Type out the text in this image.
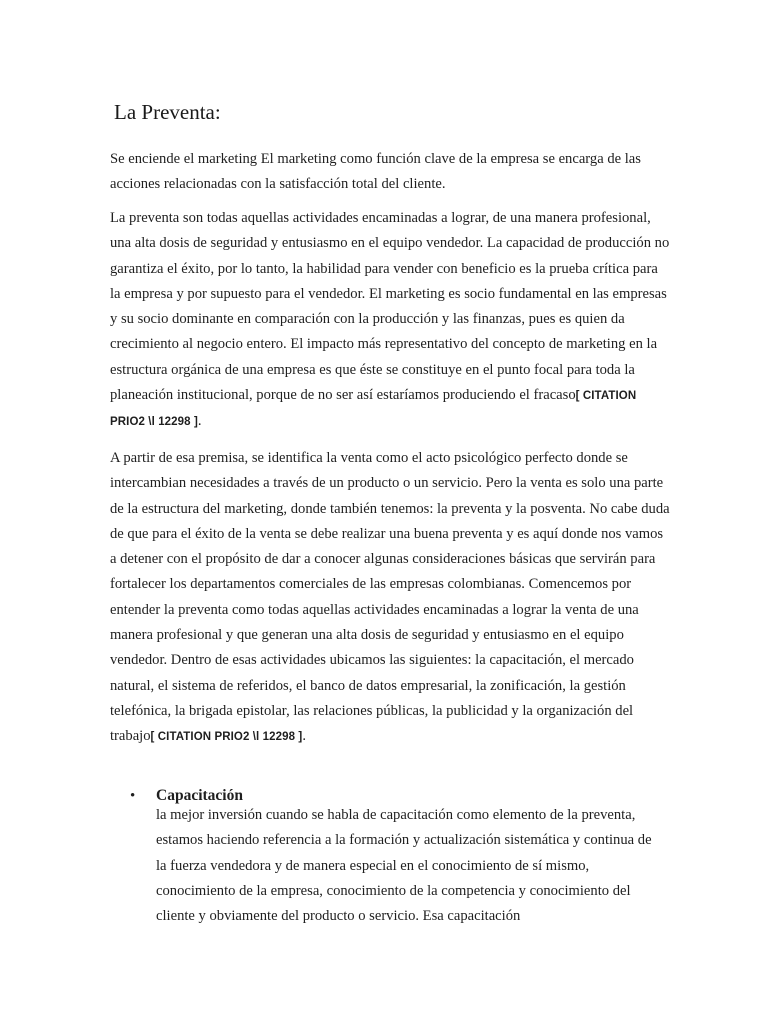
La Preventa:

Se enciende el marketing El marketing como función clave de la empresa se encarga de las acciones relacionadas con la satisfacción total del cliente.

La preventa son todas aquellas actividades encaminadas a lograr, de una manera profesional, una alta dosis de seguridad y entusiasmo en el equipo vendedor. La capacidad de producción no garantiza el éxito, por lo tanto, la habilidad para vender con beneficio es la prueba crítica para la empresa y por supuesto para el vendedor. El marketing es socio fundamental en las empresas y su socio dominante en comparación con la producción y las finanzas, pues es quien da crecimiento al negocio entero. El impacto más representativo del concepto de marketing en la estructura orgánica de una empresa es que éste se constituye en el punto focal para toda la planeación institucional, porque de no ser así estaríamos produciendo el fracaso[ CITATION PRIO2 \l 12298 ].

A partir de esa premisa, se identifica la venta como el acto psicológico perfecto donde se intercambian necesidades a través de un producto o un servicio. Pero la venta es solo una parte de la estructura del marketing, donde también tenemos: la preventa y la posventa. No cabe duda de que para el éxito de la venta se debe realizar una buena preventa y es aquí donde nos vamos a detener con el propósito de dar a conocer algunas consideraciones básicas que servirán para fortalecer los departamentos comerciales de las empresas colombianas. Comencemos por entender la preventa como todas aquellas actividades encaminadas a lograr la venta de una manera profesional y que generan una alta dosis de seguridad y entusiasmo en el equipo vendedor. Dentro de esas actividades ubicamos las siguientes: la capacitación, el mercado natural, el sistema de referidos, el banco de datos empresarial, la zonificación, la gestión telefónica, la brigada epistolar, las relaciones públicas, la publicidad y la organización del trabajo[ CITATION PRIO2 \l 12298 ].

• Capacitación

la mejor inversión cuando se habla de capacitación como elemento de la preventa, estamos haciendo referencia a la formación y actualización sistemática y continua de la fuerza vendedora y de manera especial en el conocimiento de sí mismo, conocimiento de la empresa, conocimiento de la competencia y conocimiento del cliente y obviamente del producto o servicio. Esa capacitación
